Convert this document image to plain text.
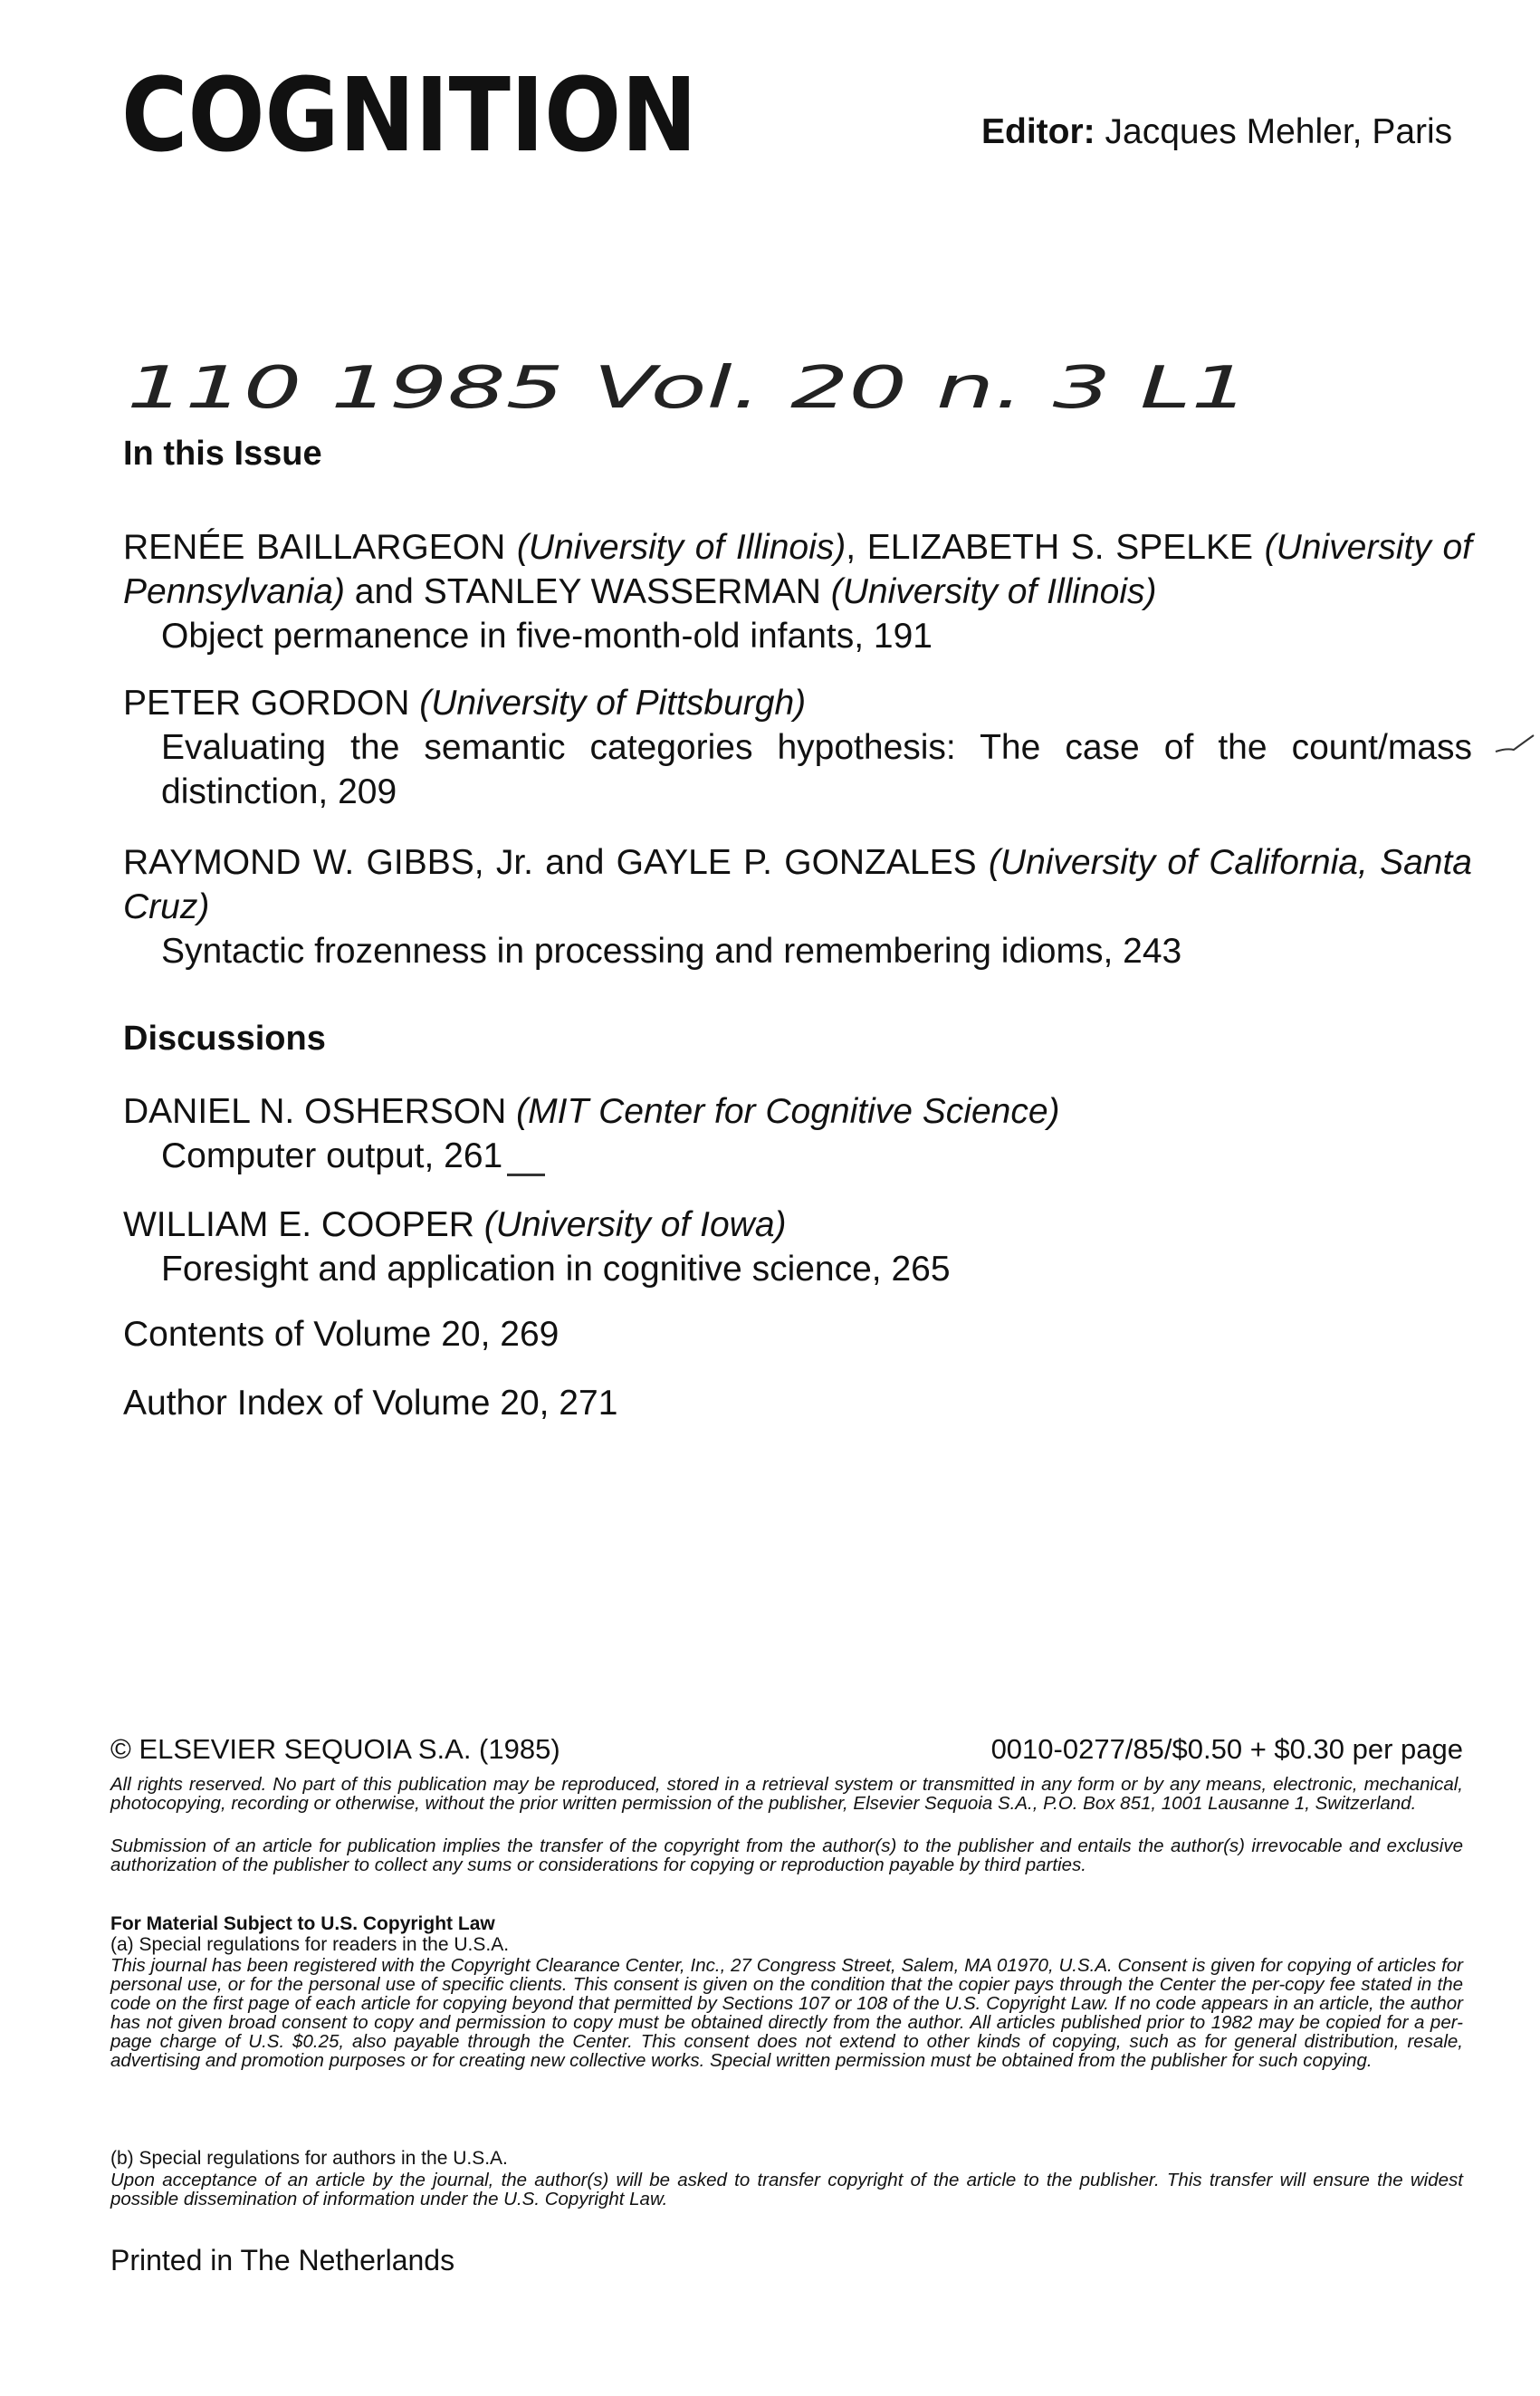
COGNITION	Editor: Jacques Mehler, Paris
110 1985 Vol. 20 n. 3 L1
In this Issue
RENÉE BAILLARGEON (University of Illinois), ELIZABETH S. SPELKE (University of Pennsylvania) and STANLEY WASSERMAN (University of Illinois)
Object permanence in five-month-old infants, 191
PETER GORDON (University of Pittsburgh)
Evaluating the semantic categories hypothesis: The case of the count/mass distinction, 209
RAYMOND W. GIBBS, Jr. and GAYLE P. GONZALES (University of California, Santa Cruz)
Syntactic frozenness in processing and remembering idioms, 243
Discussions
DANIEL N. OSHERSON (MIT Center for Cognitive Science)
Computer output, 261
WILLIAM E. COOPER (University of Iowa)
Foresight and application in cognitive science, 265
Contents of Volume 20, 269
Author Index of Volume 20, 271
© ELSEVIER SEQUOIA S.A. (1985)	0010-0277/85/$0.50 + $0.30 per page
All rights reserved. No part of this publication may be reproduced, stored in a retrieval system or transmitted in any form or by any means, electronic, mechanical, photocopying, recording or otherwise, without the prior written permission of the publisher, Elsevier Sequoia S.A., P.O. Box 851, 1001 Lausanne 1, Switzerland.
Submission of an article for publication implies the transfer of the copyright from the author(s) to the publisher and entails the author(s) irrevocable and exclusive authorization of the publisher to collect any sums or considerations for copying or reproduction payable by third parties.
For Material Subject to U.S. Copyright Law
(a) Special regulations for readers in the U.S.A.
This journal has been registered with the Copyright Clearance Center, Inc., 27 Congress Street, Salem, MA 01970, U.S.A. Consent is given for copying of articles for personal use, or for the personal use of specific clients. This consent is given on the condition that the copier pays through the Center the per-copy fee stated in the code on the first page of each article for copying beyond that permitted by Sections 107 or 108 of the U.S. Copyright Law. If no code appears in an article, the author has not given broad consent to copy and permission to copy must be obtained directly from the author. All articles published prior to 1982 may be copied for a per-page charge of U.S. $0.25, also payable through the Center. This consent does not extend to other kinds of copying, such as for general distribution, resale, advertising and promotion purposes or for creating new collective works. Special written permission must be obtained from the publisher for such copying.
(b) Special regulations for authors in the U.S.A.
Upon acceptance of an article by the journal, the author(s) will be asked to transfer copyright of the article to the publisher. This transfer will ensure the widest possible dissemination of information under the U.S. Copyright Law.
Printed in The Netherlands
